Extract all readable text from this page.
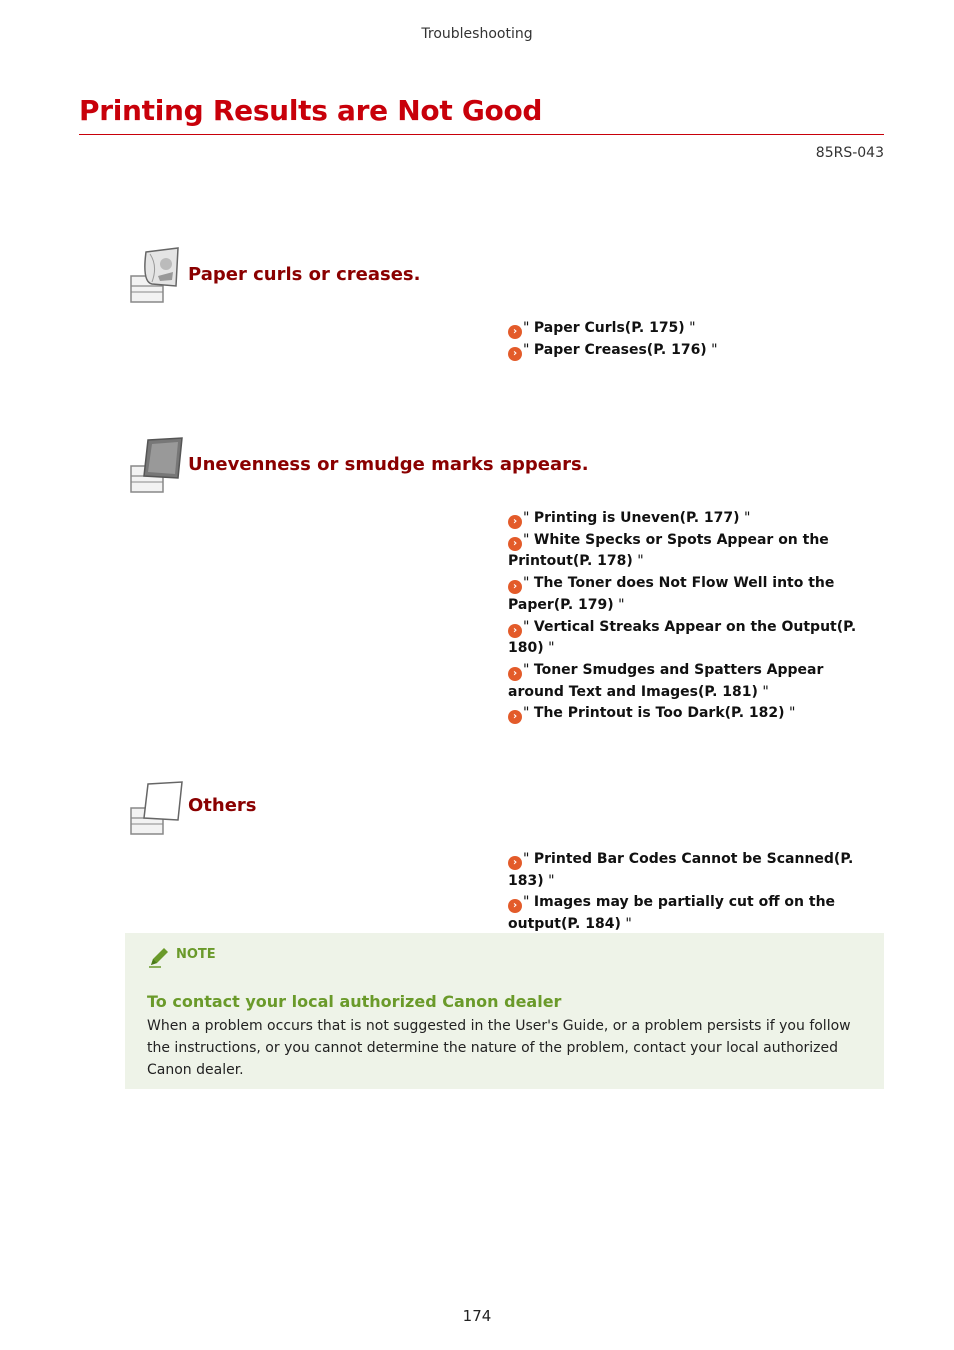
Troubleshooting
Printing Results are Not Good
85RS-043
Paper curls or creases.

› " Paper Curls(P. 175) "

› " Paper Creases(P. 176) "

Unevenness or smudge marks appears.

› " Printing is Uneven(P. 177) "

› " White Specks or Spots Appear on the Printout(P. 178) "

› " The Toner does Not Flow Well into the Paper(P. 179) "

› " Vertical Streaks Appear on the Output(P. 180) "

› " Toner Smudges and Spatters Appear around Text and Images(P. 181) "

› " The Printout is Too Dark(P. 182) "

Others

› " Printed Bar Codes Cannot be Scanned(P. 183) "

› " Images may be partially cut off on the output(P. 184) "

NOTE
To contact your local authorized Canon dealer

When a problem occurs that is not suggested in the User's Guide, or a problem persists if you follow the instructions, or you cannot determine the nature of the problem, contact your local authorized Canon dealer.

174
